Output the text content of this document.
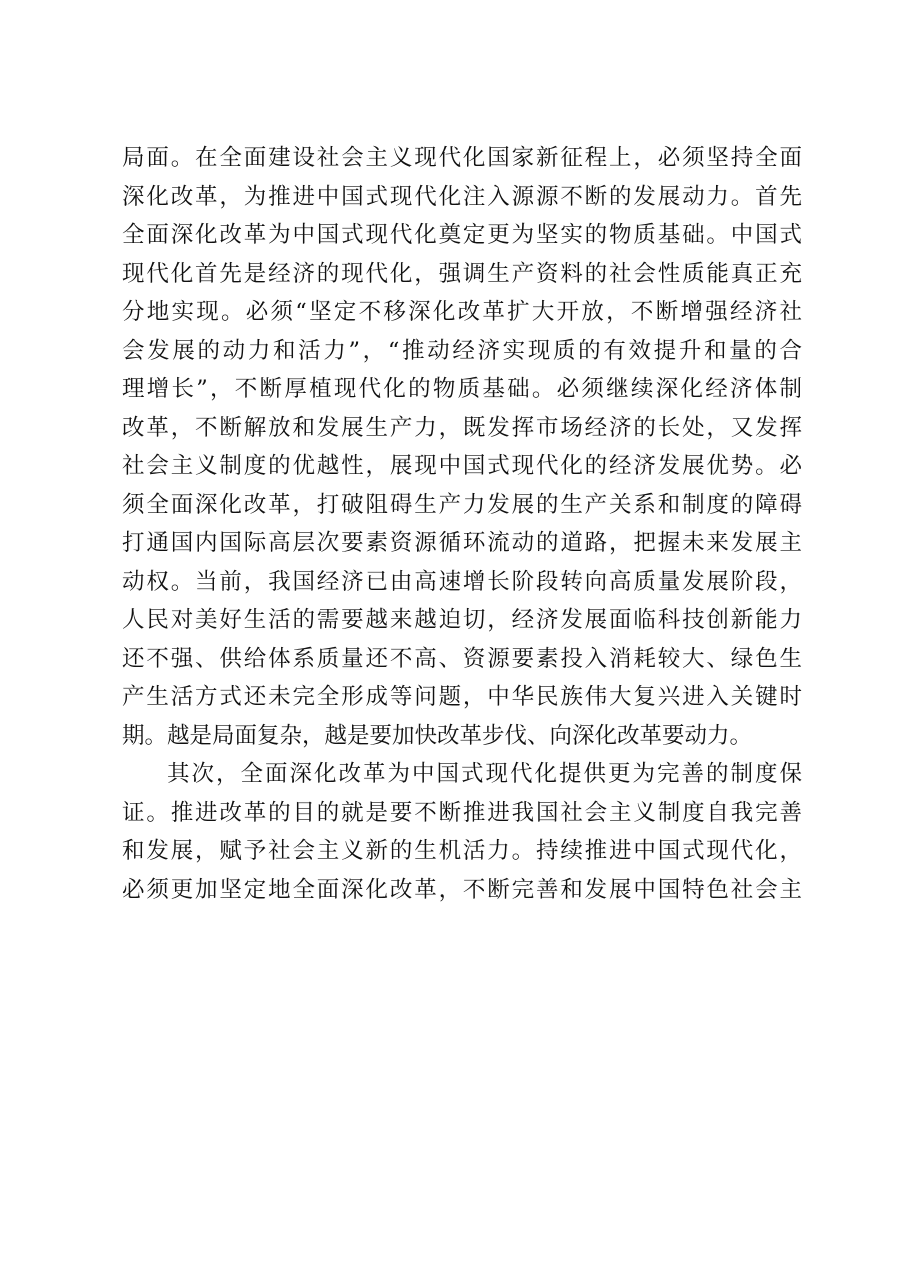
局面。在全面建设社会主义现代化国家新征程上，必须坚持全面
深化改革，为推进中国式现代化注入源源不断的发展动力。首先
全面深化改革为中国式现代化奠定更为坚实的物质基础。中国式
现代化首先是经济的现代化，强调生产资料的社会性质能真正充
分地实现。必须“坚定不移深化改革扩大开放，不断增强经济社
会发展的动力和活力”，“推动经济实现质的有效提升和量的合
理增长”，不断厚植现代化的物质基础。必须继续深化经济体制
改革，不断解放和发展生产力，既发挥市场经济的长处，又发挥
社会主义制度的优越性，展现中国式现代化的经济发展优势。必
须全面深化改革，打破阻碍生产力发展的生产关系和制度的障碍
打通国内国际高层次要素资源循环流动的道路，把握未来发展主
动权。当前，我国经济已由高速增长阶段转向高质量发展阶段，
人民对美好生活的需要越来越迫切，经济发展面临科技创新能力
还不强、供给体系质量还不高、资源要素投入消耗较大、绿色生
产生活方式还未完全形成等问题，中华民族伟大复兴进入关键时
期。越是局面复杂，越是要加快改革步伐、向深化改革要动力。
其次，全面深化改革为中国式现代化提供更为完善的制度保
证。推进改革的目的就是要不断推进我国社会主义制度自我完善
和发展，赋予社会主义新的生机活力。持续推进中国式现代化，
必须更加坚定地全面深化改革，不断完善和发展中国特色社会主
